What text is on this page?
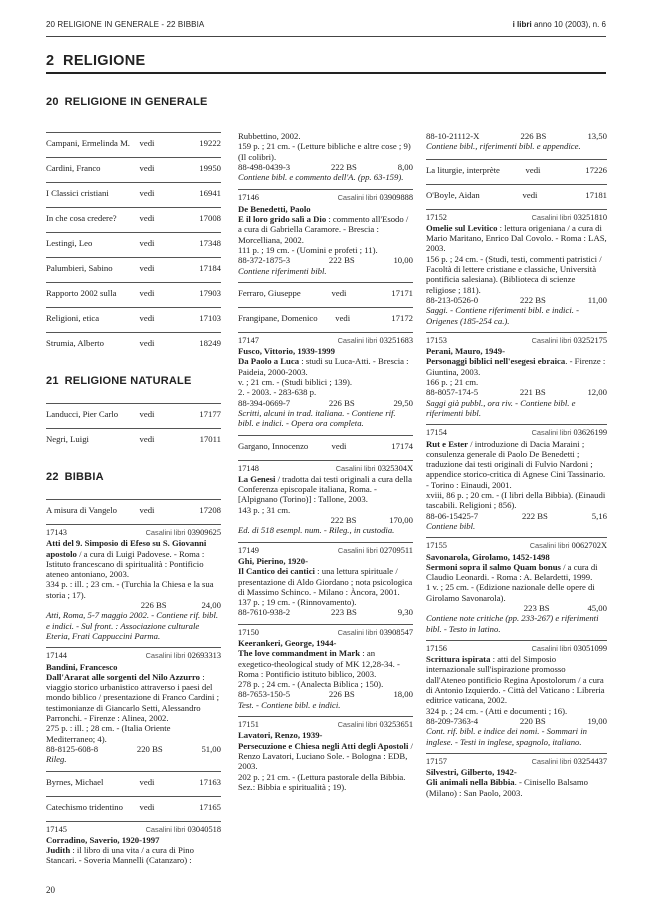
20 RELIGIONE IN GENERALE - 22 BIBBIA	i libri anno 10 (2003), n. 6
2 RELIGIONE
20 RELIGIONE IN GENERALE
Campani, Ermelinda M.	vedi	19222
Cardini, Franco	vedi	19950
I Classici cristiani	vedi	16941
In che cosa credere?	vedi	17008
Lestingi, Leo	vedi	17348
Palumbieri, Sabino	vedi	17184
Rapporto 2002 sulla	vedi	17903
Religioni, etica	vedi	17103
Strumia, Alberto	vedi	18249
21 RELIGIONE NATURALE
Landucci, Pier Carlo	vedi	17177
Negri, Luigi	vedi	17011
22 BIBBIA
A misura di Vangelo	vedi	17208
17143	Casalini libri 03909625
Atti del 9. Simposio di Efeso su S. Giovanni apostolo / a cura di Luigi Padovese. - Roma : Istituto francescano di spiritualità : Pontificio ateneo antoniano, 2003.
334 p. : ill. ; 23 cm. - (Turchia la Chiesa e la sua storia ; 17).
226 BS	24,00
Atti, Roma, 5-7 maggio 2002. - Contiene rif. bibl. e indici. - Sul front. : Associazione culturale Eteria, Frati Cappuccini Parma.
17144	Casalini libri 02693313
Bandini, Francesco
Dall'Ararat alle sorgenti del Nilo Azzurro : viaggio storico urbanistico attraverso i paesi del mondo biblico / presentazione di Franco Cardini ; testimonianze di Giancarlo Setti, Alessandro Parronchi. - Firenze : Alinea, 2002.
275 p. : ill. ; 28 cm. - (Italia Oriente Mediterraneo; 4).
88-8125-608-8	220 BS	51,00
Rileg.
Byrnes, Michael	vedi	17163
Catechismo tridentino	vedi	17165
17145	Casalini libri 03040518
Corradino, Saverio, 1920-1997
Judith : il libro di una vita / a cura di Pino Stancari. - Soveria Mannelli (Catanzaro) :
Rubbettino, 2002.
159 p. ; 21 cm. - (Letture bibliche e altre cose ; 9) (Il colibri).
88-498-0439-3	222 BS	8,00
Contiene bibl. e commento dell'A. (pp. 63-159).
17146	Casalini libri 03909888
De Benedetti, Paolo
E il loro grido salì a Dio : commento all'Esodo / a cura di Gabriella Caramore. - Brescia : Morcelliana, 2002.
111 p. ; 19 cm. - (Uomini e profeti ; 11).
88-372-1875-3	222 BS	10,00
Contiene riferimenti bibl.
Ferraro, Giuseppe	vedi	17171
Frangipane, Domenico	vedi	17172
17147	Casalini libri 03251683
Fusco, Vittorio, 1939-1999
Da Paolo a Luca : studi su Luca-Atti. - Brescia : Paideia, 2000-2003.
v. ; 21 cm. - (Studi biblici ; 139).
2. - 2003. - 283-638 p.
88-394-0669-7	226 BS	29,50
Scritti, alcuni in trad. italiana. - Contiene rif. bibl. e indici. - Opera ora completa.
Gargano, Innocenzo	vedi	17174
17148	Casalini libri 0325304X
La Genesi / tradotta dai testi originali a cura della Conferenza episcopale italiana, Roma. - [Alpignano (Torino)] : Tallone, 2003.
143 p. ; 31 cm.
222 BS	170,00
Ed. di 518 esempl. num. - Rileg., in custodia.
17149	Casalini libri 02709511
Ghi, Pierino, 1920-
Il Cantico dei cantici : una lettura spirituale / presentazione di Aldo Giordano ; nota psicologica di Massimo Schinco. - Milano : Àncora, 2001.
137 p. ; 19 cm. - (Rinnovamento).
88-7610-938-2	223 BS	9,30
17150	Casalini libri 03908547
Keerankeri, George, 1944-
The love commandment in Mark : an exegetico-theological study of MK 12,28-34. - Roma : Pontificio istituto biblico, 2003.
278 p. ; 24 cm. - (Analecta Biblica ; 150).
88-7653-150-5	226 BS	18,00
Test. - Contiene bibl. e indici.
17151	Casalini libri 03253651
Lavatori, Renzo, 1939-
Persecuzione e Chiesa negli Atti degli Apostoli / Renzo Lavatori, Luciano Sole. - Bologna : EDB, 2003.
202 p. ; 21 cm. - (Lettura pastorale della Bibbia. Sez.: Bibbia e spiritualità ; 19).
88-10-21112-X	226 BS	13,50
Contiene bibl., riferimenti bibl. e appendice.
La liturgie, interprète	vedi	17226
O'Boyle, Aidan	vedi	17181
17152	Casalini libri 03251810
Omelie sul Levitico : lettura origeniana / a cura di Mario Maritano, Enrico Dal Covolo. - Roma : LAS, 2003.
156 p. ; 24 cm. - (Studi, testi, commenti patristici / Facoltà di lettere cristiane e classiche, Università pontificia salesiana). (Biblioteca di scienze religiose ; 181).
88-213-0526-0	222 BS	11,00
Saggi. - Contiene riferimenti bibl. e indici. - Origenes (185-254 ca.).
17153	Casalini libri 03252175
Perani, Mauro, 1949-
Personaggi biblici nell'esegesi ebraica. - Firenze : Giuntina, 2003.
166 p. ; 21 cm.
88-8057-174-5	221 BS	12,00
Saggi già pubbl., ora riv. - Contiene bibl. e riferimenti bibl.
17154	Casalini libri 03626199
Rut e Ester / introduzione di Dacia Maraini ; consulenza generale di Paolo De Benedetti ; traduzione dai testi originali di Fulvio Nardoni ; appendice storico-critica di Agnese Cini Tassinario. - Torino : Einaudi, 2001.
xviii, 86 p. ; 20 cm. - (I libri della Bibbia). (Einaudi tascabili. Religioni ; 856).
88-06-15425-7	222 BS	5,16
Contiene bibl.
17155	Casalini libri 0062702X
Savonarola, Girolamo, 1452-1498
Sermoni sopra il salmo Quam bonus / a cura di Claudio Leonardi. - Roma : A. Belardetti, 1999.
1 v. ; 25 cm. - (Edizione nazionale delle opere di Girolamo Savonarola).
223 BS	45,00
Contiene note critiche (pp. 233-267) e riferimenti bibl. - Testo in latino.
17156	Casalini libri 03051099
Scrittura ispirata : atti del Simposio internazionale sull'ispirazione promosso dall'Ateneo pontificio Regina Apostolorum / a cura di Antonio Izquierdo. - Città del Vaticano : Libreria editrice vaticana, 2002.
324 p. ; 24 cm. - (Atti e documenti ; 16).
88-209-7363-4	220 BS	19,00
Cont. rif. bibl. e indice dei nomi. - Sommari in inglese. - Testi in inglese, spagnolo, italiano.
17157	Casalini libri 03254437
Silvestri, Gilberto, 1942-
Gli animali nella Bibbia. - Cinisello Balsamo (Milano) : San Paolo, 2003.
20
